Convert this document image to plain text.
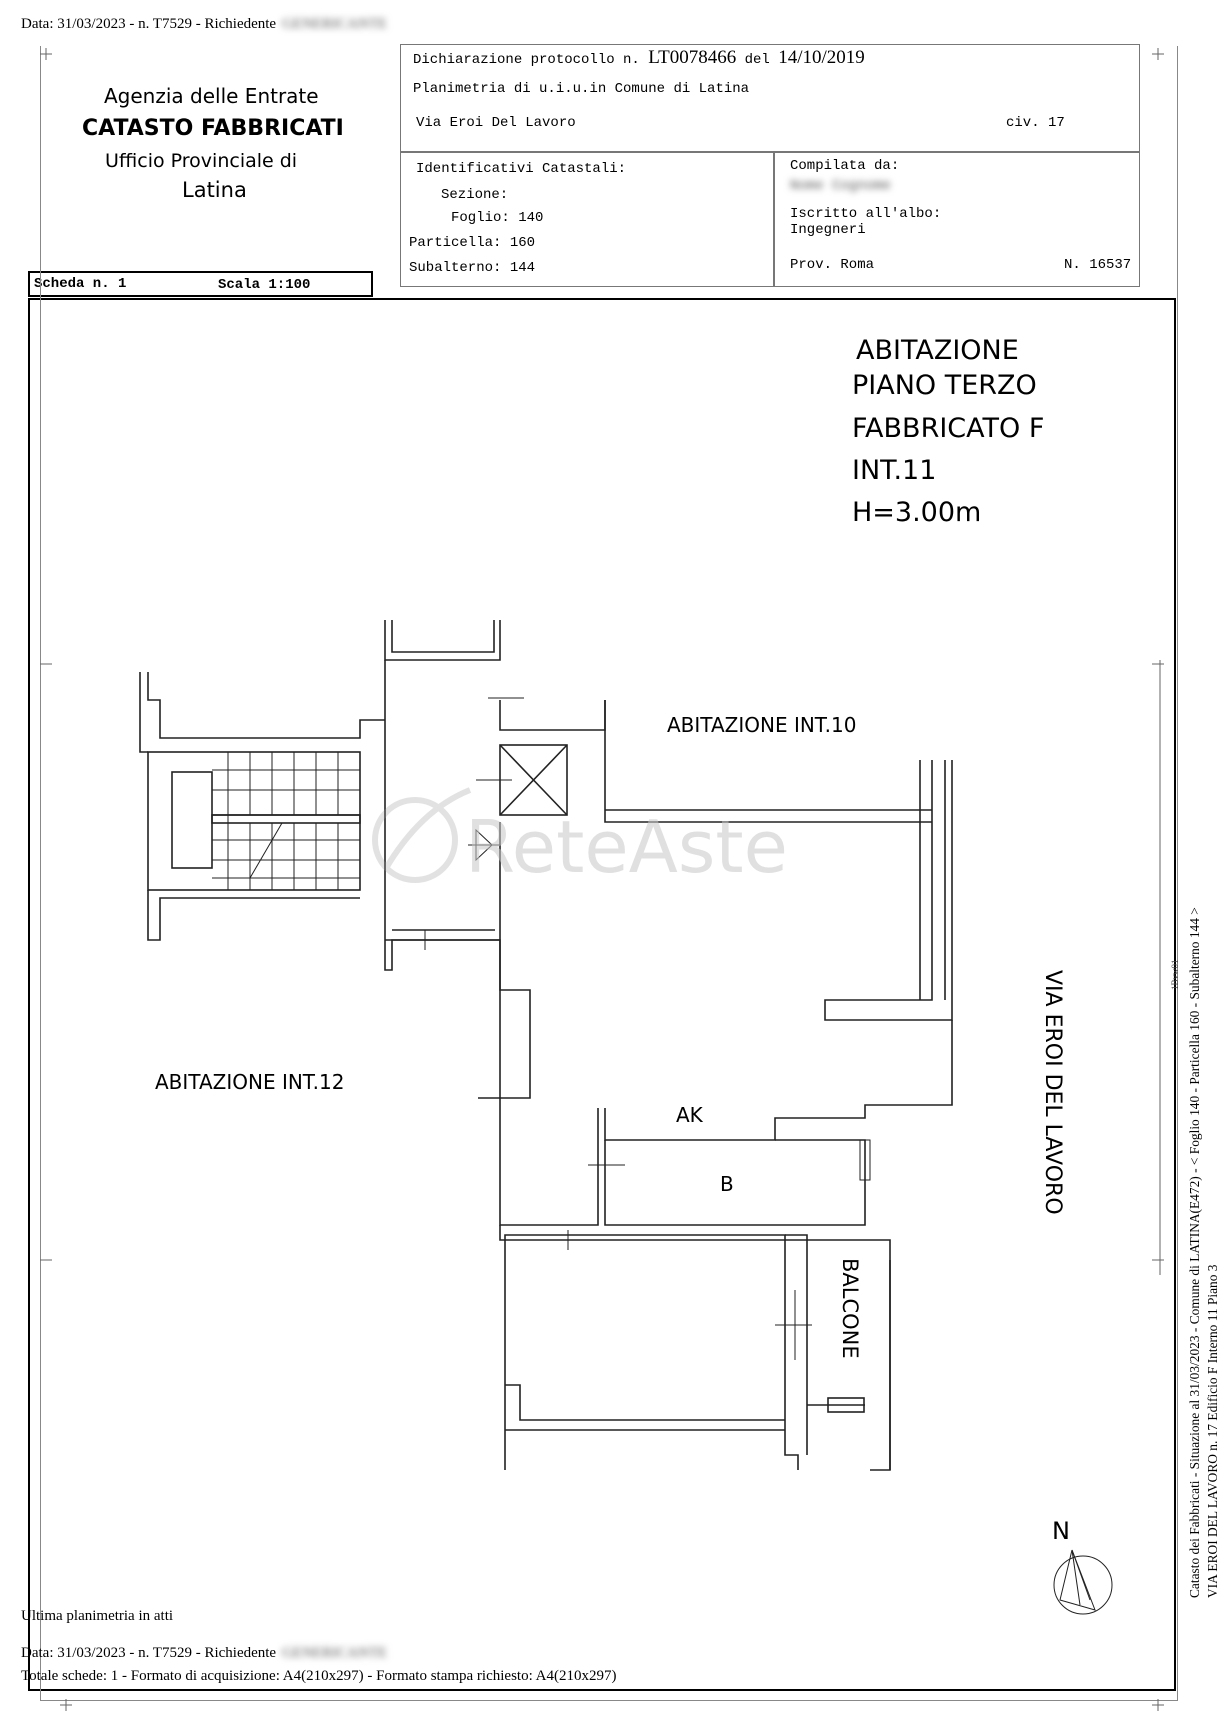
Data: 31/03/2023 - n. T7529 - Richiedente GENERICANTE
Agenzia delle Entrate
CATASTO FABBRICATI
Ufficio Provinciale di
Latina
Dichiarazione protocollo n. LT0078466 del 14/10/2019
Planimetria di u.i.u.in Comune di Latina
Via Eroi Del Lavoro	civ. 17
Identificativi Catastali:
Sezione:
Foglio: 140
Particella: 160
Subalterno: 144
Compilata da:
Nome Cognome
Iscritto all'albo:
Ingegneri
Prov. Roma	N. 16537
Scheda n. 1	Scala 1:100
ReteAste
ABITAZIONE
PIANO TERZO
FABBRICATO F
INT.11
H=3.00m
ABITAZIONE INT.10
ABITAZIONE INT.12
AK
B
BALCONE
VIA EROI DEL LAVORO
N	Catasto dei Fabbricati - Situazione al 31/03/2023 - Comune di LATINA(E472) - < Foglio 140 - Particella 160 - Subalterno 144 > VIA EROI DEL LAVORO n. 17 Edificio F Interno 11 Piano 3
1Bvw01
Ultima planimetria in atti
Data: 31/03/2023 - n. T7529 - Richiedente GENERICANTE
Totale schede: 1 - Formato di acquisizione: A4(210x297) - Formato stampa richiesto: A4(210x297)
